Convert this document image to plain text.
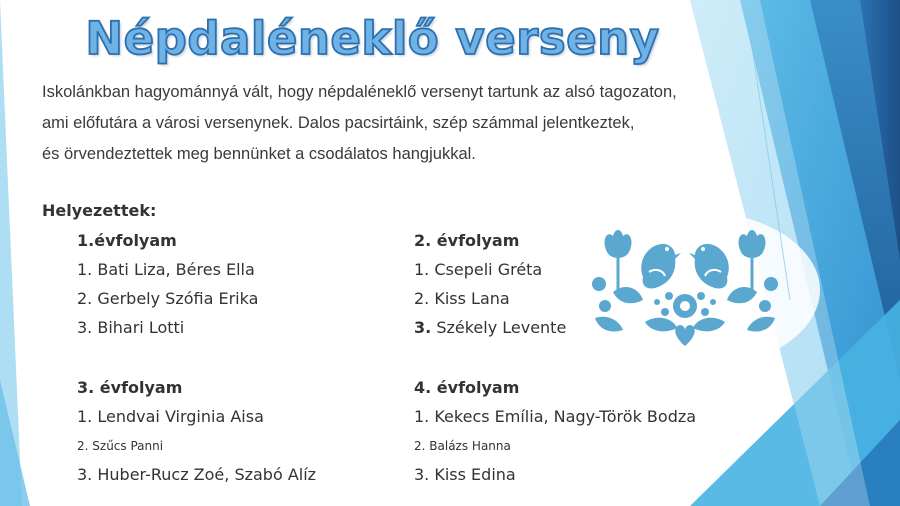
Népdaléneklő verseny
Iskolánkban hagyománnyá vált, hogy népdaléneklő versenyt tartunk az alsó tagozaton,
ami előfutára a városi versenynek. Dalos pacsirtáink, szép számmal jelentkeztek,
és örvendeztettek meg bennünket a csodálatos hangjukkal.
Helyezettek:
1.évfolyam
1. Bati Liza, Béres Ella
2. Gerbely Szófia Erika
3. Bihari Lotti
2. évfolyam
1. Csepeli Gréta
2. Kiss Lana
3. Székely Levente
3. évfolyam
1. Lendvai Virginia Aisa
2. Szűcs Panni
3. Huber-Rucz Zoé, Szabó Alíz
4. évfolyam
1. Kekecs Emília, Nagy-Török Bodza
2. Balázs Hanna
3. Kiss Edina
